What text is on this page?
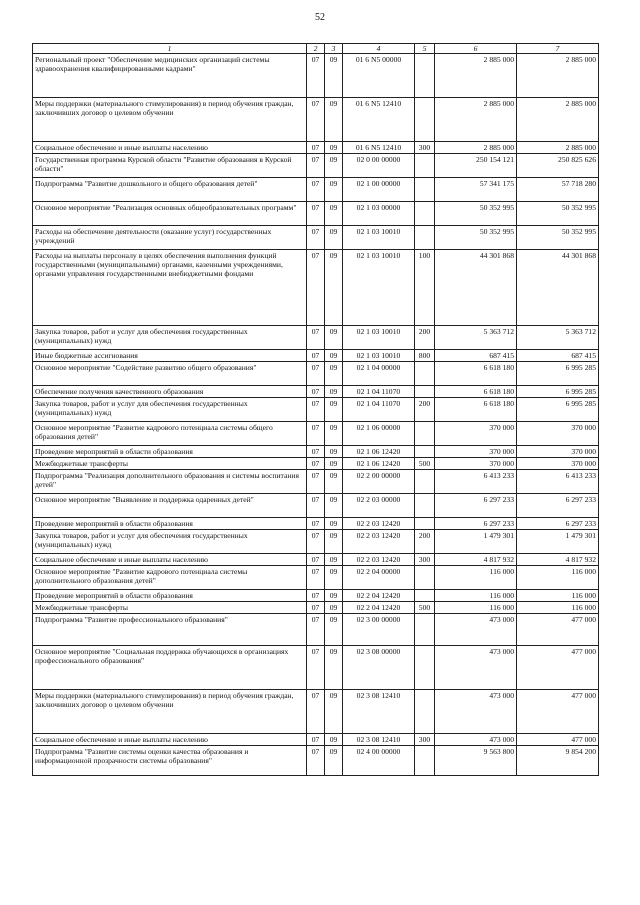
52
1	2	3	4	5	6	7
Региональный проект "Обеспечение медицинских организаций системы здравоохранения квалифицированными кадрами"	07	09	01 6 N5 00000		2 885 000	2 885 000
Меры поддержки (материального стимулирования) в период обучения граждан, заключивших договор о целевом обучении	07	09	01 6 N5 12410		2 885 000	2 885 000
Социальное обеспечение и иные выплаты населению	07	09	01 6 N5 12410	300	2 885 000	2 885 000
Государственная программа Курской области "Развитие образования в Курской области"	07	09	02 0 00 00000		250 154 121	250 825 626
Подпрограмма "Развитие дошкольного и общего образования детей"	07	09	02 1 00 00000		57 341 175	57 718 280
Основное мероприятие "Реализация основных общеобразовательных программ"	07	09	02 1 03 00000		50 352 995	50 352 995
Расходы на обеспечение деятельности (оказание услуг) государственных учреждений	07	09	02 1 03 10010		50 352 995	50 352 995
Расходы на выплаты персоналу в целях обеспечения выполнения функций государственными (муниципальными) органами, казенными учреждениями, органами управления государственными внебюджетными фондами	07	09	02 1 03 10010	100	44 301 868	44 301 868
Закупка товаров, работ и услуг для обеспечения государственных (муниципальных) нужд	07	09	02 1 03 10010	200	5 363 712	5 363 712
Иные бюджетные ассигнования	07	09	02 1 03 10010	800	687 415	687 415
Основное мероприятие "Содействие развитию общего образования"	07	09	02 1 04 00000		6 618 180	6 995 285
Обеспечение получения качественного образования	07	09	02 1 04 11070		6 618 180	6 995 285
Закупка товаров, работ и услуг для обеспечения государственных (муниципальных) нужд	07	09	02 1 04 11070	200	6 618 180	6 995 285
Основное мероприятие "Развитие кадрового потенциала системы общего образования детей"	07	09	02 1 06 00000		370 000	370 000
Проведение мероприятий в области образования	07	09	02 1 06 12420		370 000	370 000
Межбюджетные трансферты	07	09	02 1 06 12420	500	370 000	370 000
Подпрограмма "Реализация дополнительного образования и системы воспитания детей"	07	09	02 2 00 00000		6 413 233	6 413 233
Основное мероприятие "Выявление и поддержка одаренных детей"	07	09	02 2 03 00000		6 297 233	6 297 233
Проведение мероприятий в области образования	07	09	02 2 03 12420		6 297 233	6 297 233
Закупка товаров, работ и услуг для обеспечения государственных (муниципальных) нужд	07	09	02 2 03 12420	200	1 479 301	1 479 301
Социальное обеспечение и иные выплаты населению	07	09	02 2 03 12420	300	4 817 932	4 817 932
Основное мероприятие "Развитие кадрового потенциала системы дополнительного образования детей"	07	09	02 2 04 00000		116 000	116 000
Проведение мероприятий в области образования	07	09	02 2 04 12420		116 000	116 000
Межбюджетные трансферты	07	09	02 2 04 12420	500	116 000	116 000
Подпрограмма "Развитие профессионального образования"	07	09	02 3 00 00000		473 000	477 000
Основное мероприятие "Социальная поддержка обучающихся в организациях профессионального образования"	07	09	02 3 08 00000		473 000	477 000
Меры поддержки (материального стимулирования) в период обучения граждан, заключивших договор о целевом обучении	07	09	02 3 08 12410		473 000	477 000
Социальное обеспечение и иные выплаты населению	07	09	02 3 08 12410	300	473 000	477 000
Подпрограмма "Развитие системы оценки качества образования и информационной прозрачности системы образования"	07	09	02 4 00 00000		9 563 800	9 854 200
